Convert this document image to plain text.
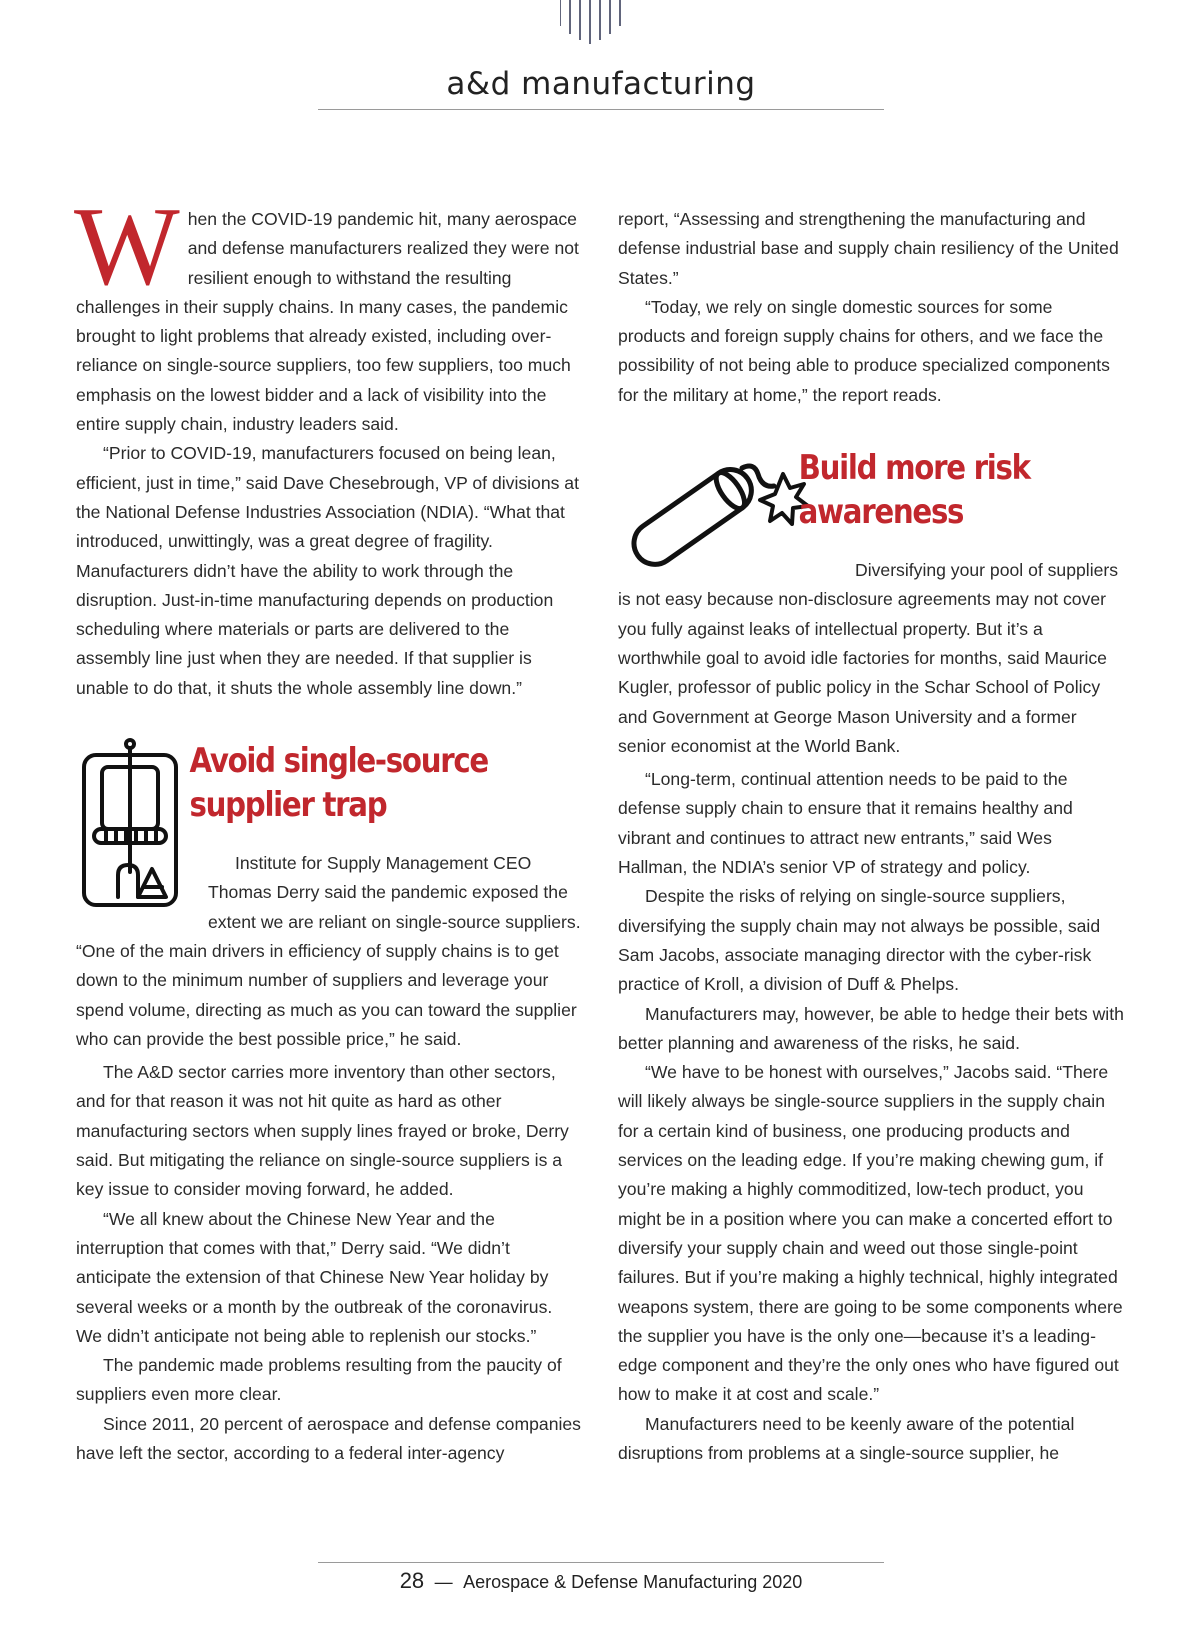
a&d manufacturing

When the COVID-19 pandemic hit, many aerospace and defense manufacturers realized they were not resilient enough to withstand the resulting challenges in their supply chains. In many cases, the pandemic brought to light problems that already existed, including over-reliance on single-source suppliers, too few suppliers, too much emphasis on the lowest bidder and a lack of visibility into the entire supply chain, industry leaders said.

“Prior to COVID-19, manufacturers focused on being lean, efficient, just in time,” said Dave Chesebrough, VP of divisions at the National Defense Industries Association (NDIA). “What that introduced, unwittingly, was a great degree of fragility. Manufacturers didn’t have the ability to work through the disruption. Just-in-time manufacturing depends on production scheduling where materials or parts are delivered to the assembly line just when they are needed. If that supplier is unable to do that, it shuts the whole assembly line down.”

Avoid single-source
supplier trap

Institute for Supply Management CEO Thomas Derry said the pandemic exposed the extent we are reliant on single-source suppliers. “One of the main drivers in efficiency of supply chains is to get down to the minimum number of suppliers and leverage your spend volume, directing as much as you can toward the supplier who can provide the best possible price,” he said.

The A&D sector carries more inventory than other sectors, and for that reason it was not hit quite as hard as other manufacturing sectors when supply lines frayed or broke, Derry said. But mitigating the reliance on single-source suppliers is a key issue to consider moving forward, he added.

“We all knew about the Chinese New Year and the interruption that comes with that,” Derry said. “We didn’t anticipate the extension of that Chinese New Year holiday by several weeks or a month by the outbreak of the coronavirus. We didn’t anticipate not being able to replenish our stocks.”

The pandemic made problems resulting from the paucity of suppliers even more clear.

Since 2011, 20 percent of aerospace and defense companies have left the sector, according to a federal inter-agency

report, “Assessing and strengthening the manufacturing and defense industrial base and supply chain resiliency of the United States.”

“Today, we rely on single domestic sources for some products and foreign supply chains for others, and we face the possibility of not being able to produce specialized components for the military at home,” the report reads.

Build more risk
awareness

Diversifying your pool of suppliers is not easy because non-disclosure agreements may not cover you fully against leaks of intellectual property. But it’s a worthwhile goal to avoid idle factories for months, said Maurice Kugler, professor of public policy in the Schar School of Policy and Government at George Mason University and a former senior economist at the World Bank.

“Long-term, continual attention needs to be paid to the defense supply chain to ensure that it remains healthy and vibrant and continues to attract new entrants,” said Wes Hallman, the NDIA’s senior VP of strategy and policy.

Despite the risks of relying on single-source suppliers, diversifying the supply chain may not always be possible, said Sam Jacobs, associate managing director with the cyber-risk practice of Kroll, a division of Duff & Phelps.

Manufacturers may, however, be able to hedge their bets with better planning and awareness of the risks, he said.

“We have to be honest with ourselves,” Jacobs said. “There will likely always be single-source suppliers in the supply chain for a certain kind of business, one producing products and services on the leading edge. If you’re making chewing gum, if you’re making a highly commoditized, low-tech product, you might be in a position where you can make a concerted effort to diversify your supply chain and weed out those single-point failures. But if you’re making a highly technical, highly integrated weapons system, there are going to be some components where the supplier you have is the only one—because it’s a leading-edge component and they’re the only ones who have figured out how to make it at cost and scale.”

Manufacturers need to be keenly aware of the potential disruptions from problems at a single-source supplier, he

28 — Aerospace & Defense Manufacturing 2020
